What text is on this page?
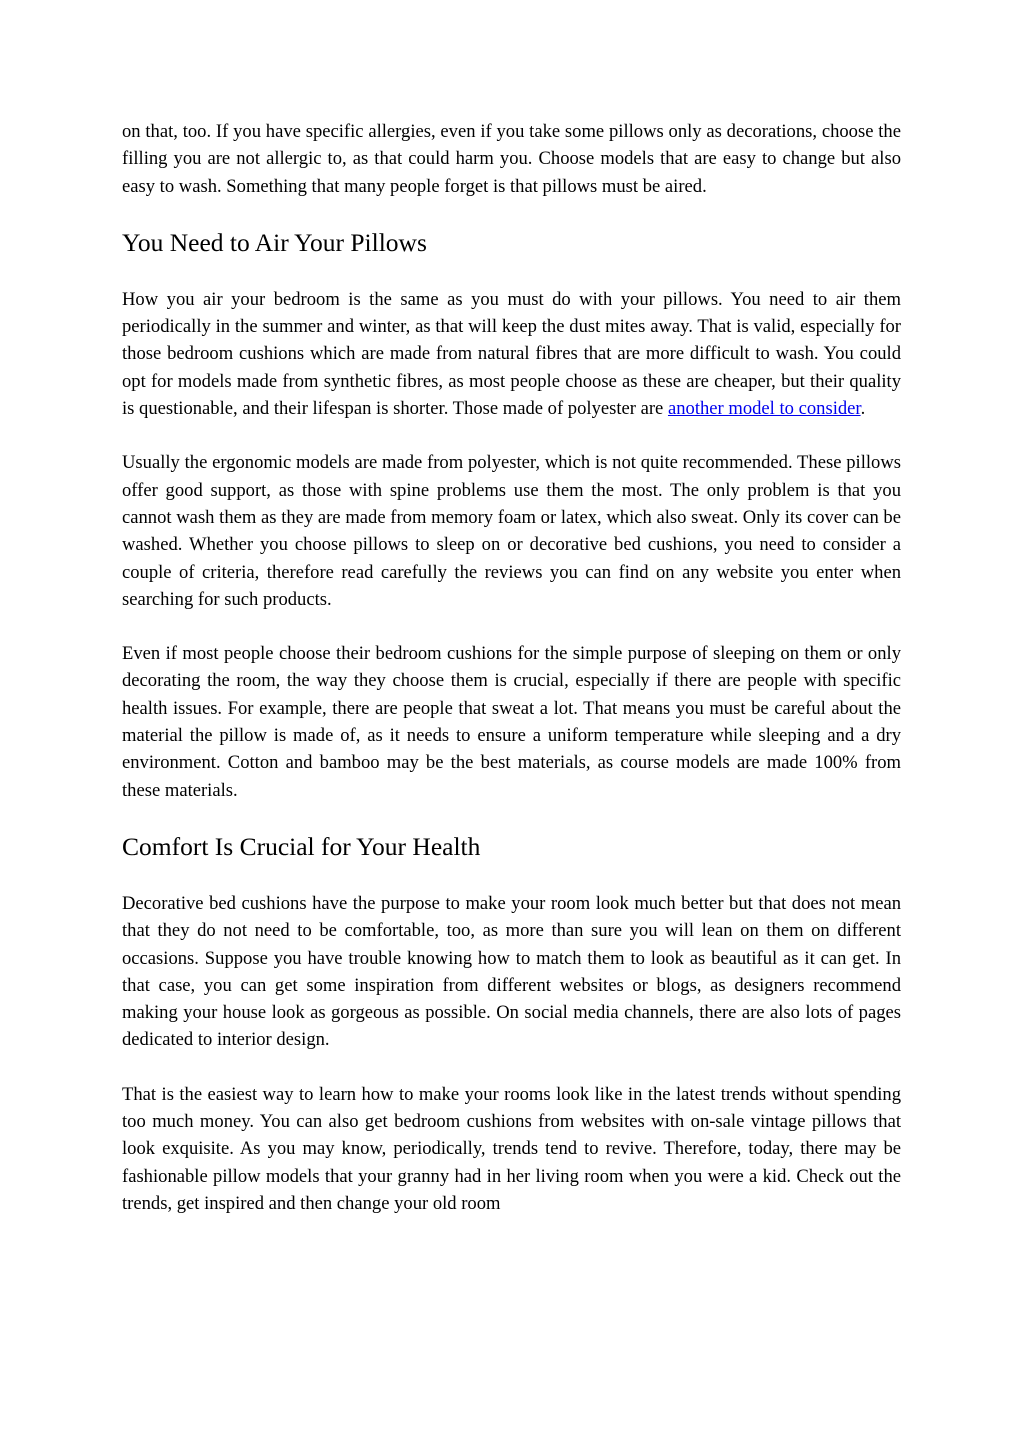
on that, too. If you have specific allergies, even if you take some pillows only as decorations, choose the filling you are not allergic to, as that could harm you. Choose models that are easy to change but also easy to wash. Something that many people forget is that pillows must be aired.

You Need to Air Your Pillows

How you air your bedroom is the same as you must do with your pillows. You need to air them periodically in the summer and winter, as that will keep the dust mites away. That is valid, especially for those bedroom cushions which are made from natural fibres that are more difficult to wash. You could opt for models made from synthetic fibres, as most people choose as these are cheaper, but their quality is questionable, and their lifespan is shorter. Those made of polyester are another model to consider.

Usually the ergonomic models are made from polyester, which is not quite recommended. These pillows offer good support, as those with spine problems use them the most. The only problem is that you cannot wash them as they are made from memory foam or latex, which also sweat. Only its cover can be washed. Whether you choose pillows to sleep on or decorative bed cushions, you need to consider a couple of criteria, therefore read carefully the reviews you can find on any website you enter when searching for such products.

Even if most people choose their bedroom cushions for the simple purpose of sleeping on them or only decorating the room, the way they choose them is crucial, especially if there are people with specific health issues. For example, there are people that sweat a lot. That means you must be careful about the material the pillow is made of, as it needs to ensure a uniform temperature while sleeping and a dry environment. Cotton and bamboo may be the best materials, as course models are made 100% from these materials.

Comfort Is Crucial for Your Health

Decorative bed cushions have the purpose to make your room look much better but that does not mean that they do not need to be comfortable, too, as more than sure you will lean on them on different occasions. Suppose you have trouble knowing how to match them to look as beautiful as it can get. In that case, you can get some inspiration from different websites or blogs, as designers recommend making your house look as gorgeous as possible. On social media channels, there are also lots of pages dedicated to interior design.

That is the easiest way to learn how to make your rooms look like in the latest trends without spending too much money. You can also get bedroom cushions from websites with on-sale vintage pillows that look exquisite. As you may know, periodically, trends tend to revive. Therefore, today, there may be fashionable pillow models that your granny had in her living room when you were a kid. Check out the trends, get inspired and then change your old room
